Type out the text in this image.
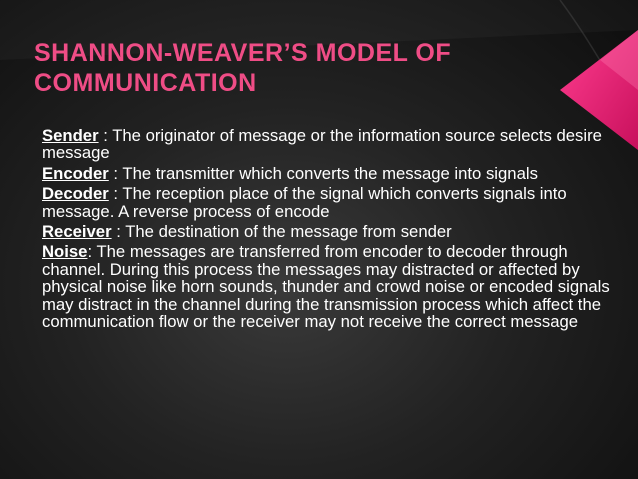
SHANNON-WEAVER’S MODEL OF COMMUNICATION

Sender : The originator of message or the information source selects desire message

Encoder : The transmitter which converts the message into signals

Decoder : The reception place of the signal which converts signals into message. A reverse process of encode

Receiver : The destination of the message from sender

Noise: The messages are transferred from encoder to decoder through channel. During this process the messages may distracted or affected by physical noise like horn sounds, thunder and crowd noise or encoded signals may distract in the channel during the transmission process which affect the communication flow or the receiver may not receive the correct message
